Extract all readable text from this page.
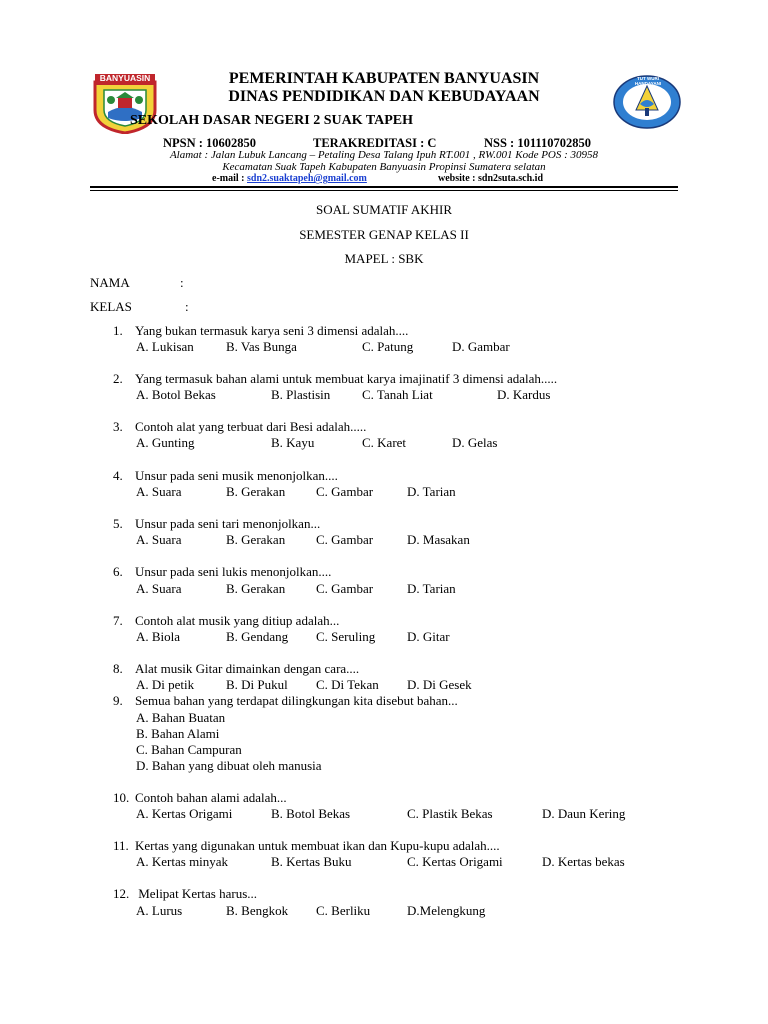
BANYUASIN	TUT WURI HANDAYANI
PEMERINTAH KABUPATEN BANYUASIN
DINAS PENDIDIKAN DAN KEBUDAYAAN
SEKOLAH DASAR NEGERI 2 SUAK TAPEH
NPSN : 10602850	TERAKREDITASI : C	NSS : 101110702850
Alamat : Jalan Lubuk Lancang – Petaling Desa Talang Ipuh RT.001 , RW.001 Kode POS : 30958
Kecamatan Suak Tapeh Kabupaten Banyuasin Propinsi Sumatera selatan
e-mail : sdn2.suaktapeh@gmail.com	website : sdn2suta.sch.id
SOAL SUMATIF AKHIR
SEMESTER GENAP KELAS II
MAPEL : SBK
NAMA	:
KELAS	:
1. Yang bukan termasuk karya seni 3 dimensi adalah....
A. Lukisan B. Vas Bunga	C. Patung	D. Gambar
2. Yang termasuk bahan alami untuk membuat karya imajinatif 3 dimensi adalah.....
A. Botol Bekas	B. Plastisin C. Tanah Liat	D. Kardus
3. Contoh alat yang terbuat dari Besi adalah.....
A. Gunting	B. Kayu	C. Karet	D. Gelas
4. Unsur pada seni musik menonjolkan....
A. Suara	B. Gerakan C. Gambar	D. Tarian
5. Unsur pada seni tari menonjolkan...
A. Suara	B. Gerakan C. Gambar	D. Masakan
6. Unsur pada seni lukis menonjolkan....
A. Suara	B. Gerakan C. Gambar	D. Tarian
7. Contoh alat musik yang ditiup adalah...
A. Biola	B. Gendang C. Seruling D. Gitar
8. Alat musik Gitar dimainkan dengan cara....
A. Di petik B. Di Pukul C. Di Tekan D. Di Gesek
9. Semua bahan yang terdapat dilingkungan kita disebut bahan...
A. Bahan Buatan
B. Bahan Alami
C. Bahan Campuran
D. Bahan yang dibuat oleh manusia
10. Contoh bahan alami adalah...
A. Kertas Origami	B. Botol Bekas	C. Plastik Bekas	D. Daun Kering
11. Kertas yang digunakan untuk membuat ikan dan Kupu-kupu adalah....
A. Kertas minyak	B. Kertas Buku	C. Kertas Origami	D. Kertas bekas
12. Melipat Kertas harus...
A. Lurus	B. Bengkok C. Berliku	D.Melengkung
